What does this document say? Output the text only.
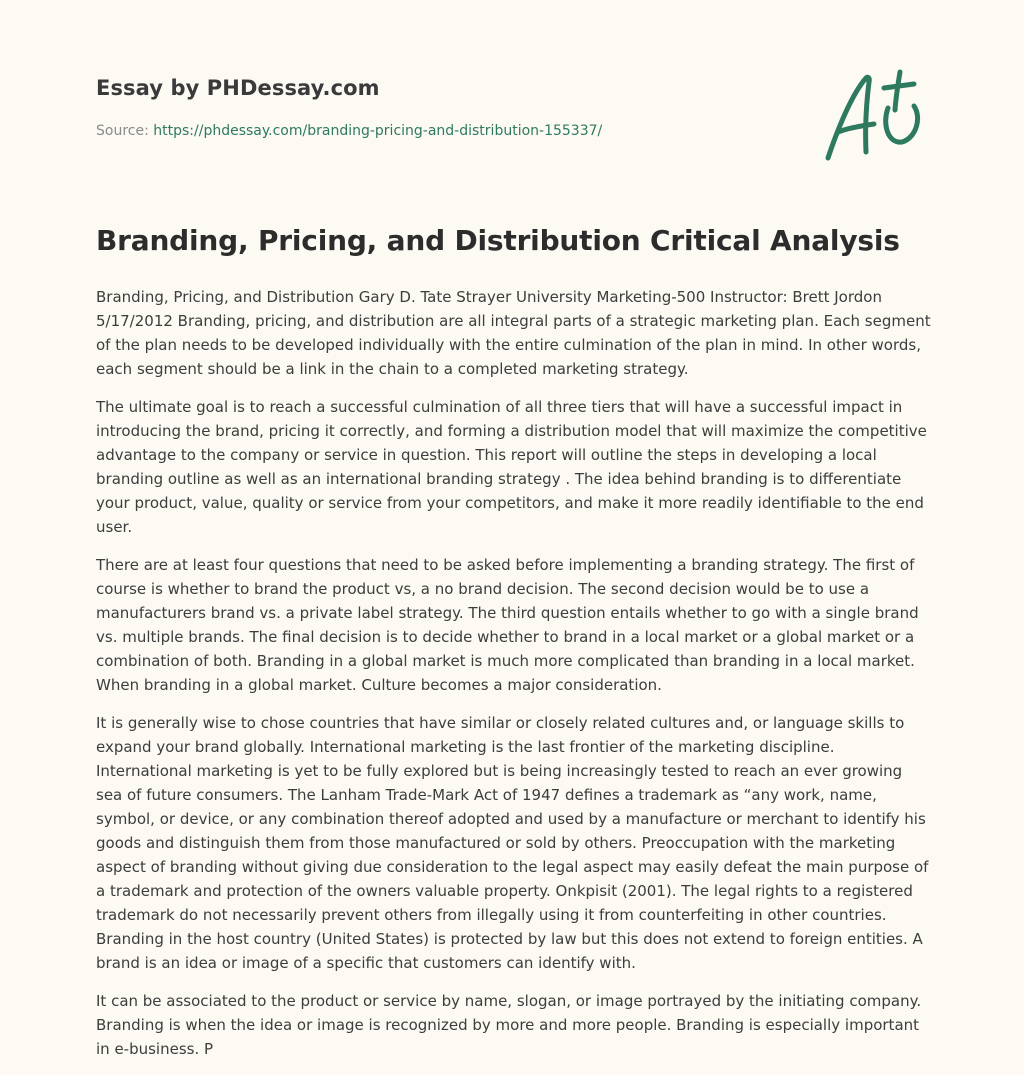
Essay by PHDessay.com
Source: https://phdessay.com/branding-pricing-and-distribution-155337/
Branding, Pricing, and Distribution Critical Analysis

Branding, Pricing, and Distribution Gary D. Tate Strayer University Marketing-500 Instructor: Brett Jordon 5/17/2012 Branding, pricing, and distribution are all integral parts of a strategic marketing plan. Each segment of the plan needs to be developed individually with the entire culmination of the plan in mind. In other words, each segment should be a link in the chain to a completed marketing strategy.

The ultimate goal is to reach a successful culmination of all three tiers that will have a successful impact in introducing the brand, pricing it correctly, and forming a distribution model that will maximize the competitive advantage to the company or service in question. This report will outline the steps in developing a local branding outline as well as an international branding strategy . The idea behind branding is to differentiate your product, value, quality or service from your competitors, and make it more readily identifiable to the end user.

There are at least four questions that need to be asked before implementing a branding strategy. The first of course is whether to brand the product vs, a no brand decision. The second decision would be to use a manufacturers brand vs. a private label strategy. The third question entails whether to go with a single brand vs. multiple brands. The final decision is to decide whether to brand in a local market or a global market or a combination of both. Branding in a global market is much more complicated than branding in a local market. When branding in a global market. Culture becomes a major consideration.

It is generally wise to chose countries that have similar or closely related cultures and, or language skills to expand your brand globally. International marketing is the last frontier of the marketing discipline. International marketing is yet to be fully explored but is being increasingly tested to reach an ever growing sea of future consumers. The Lanham Trade-Mark Act of 1947 defines a trademark as “any work, name, symbol, or device, or any combination thereof adopted and used by a manufacture or merchant to identify his goods and distinguish them from those manufactured or sold by others. Preoccupation with the marketing aspect of branding without giving due consideration to the legal aspect may easily defeat the main purpose of a trademark and protection of the owners valuable property. Onkpisit (2001). The legal rights to a registered trademark do not necessarily prevent others from illegally using it from counterfeiting in other countries. Branding in the host country (United States) is protected by law but this does not extend to foreign entities. A brand is an idea or image of a specific that customers can identify with.

It can be associated to the product or service by name, slogan, or image portrayed by the initiating company. Branding is when the idea or image is recognized by more and more people. Branding is especially important in e-business. P
